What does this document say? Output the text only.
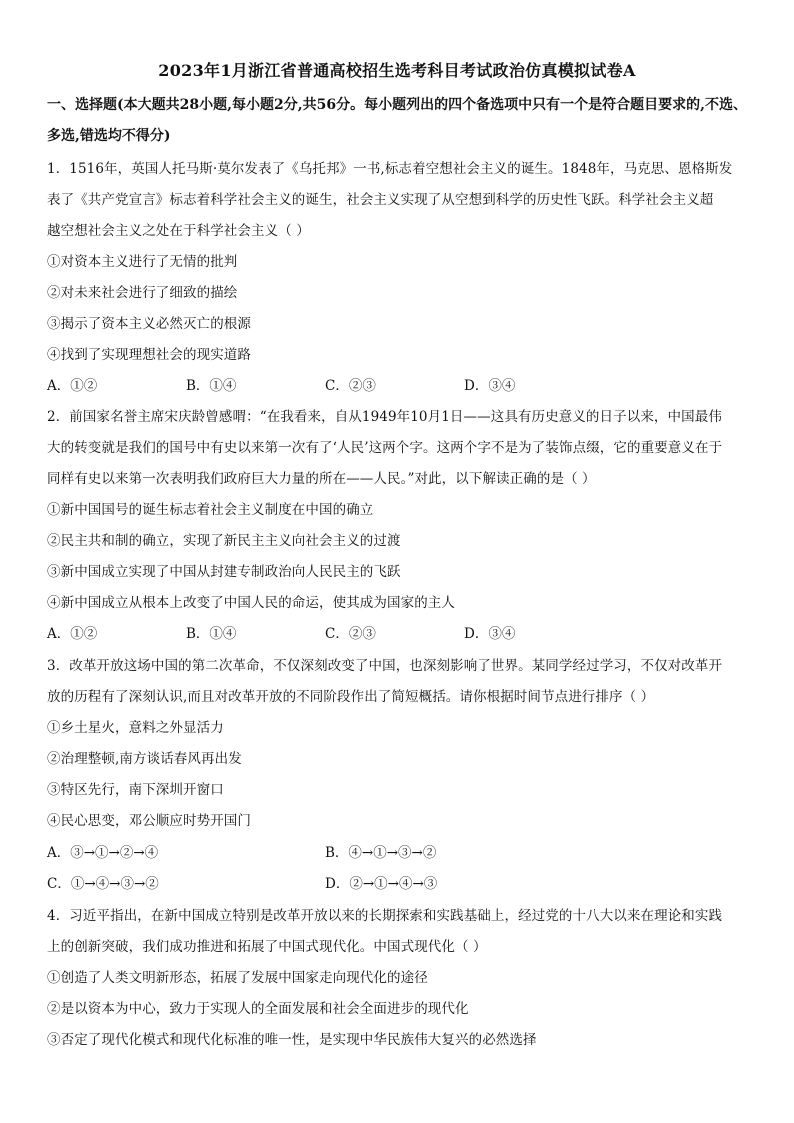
2023年1月浙江省普通高校招生选考科目考试政治仿真模拟试卷A
一、选择题(本大题共28小题,每小题2分,共56分。每小题列出的四个备选项中只有一个是符合题目要求的,不选、
多选,错选均不得分)
1．1516年，英国人托马斯·莫尔发表了《乌托邦》一书,标志着空想社会主义的诞生。1848年，马克思、恩格斯发
表了《共产党宣言》标志着科学社会主义的诞生，社会主义实现了从空想到科学的历史性飞跃。科学社会主义超
越空想社会主义之处在于科学社会主义（ ）
①对资本主义进行了无情的批判
②对未来社会进行了细致的描绘
③揭示了资本主义必然灭亡的根源
④找到了实现理想社会的现实道路
A．①②	B．①④	C．②③	D．③④
2．前国家名誉主席宋庆龄曾感喟：“在我看来，自从1949年10月1日——这具有历史意义的日子以来，中国最伟
大的转变就是我们的国号中有史以来第一次有了‘人民’这两个字。这两个字不是为了装饰点缀，它的重要意义在于
同样有史以来第一次表明我们政府巨大力量的所在——人民。”对此，以下解读正确的是（ ）
①新中国国号的诞生标志着社会主义制度在中国的确立
②民主共和制的确立，实现了新民主主义向社会主义的过渡
③新中国成立实现了中国从封建专制政治向人民民主的飞跃
④新中国成立从根本上改变了中国人民的命运，使其成为国家的主人
A．①②	B．①④	C．②③	D．③④
3．改革开放这场中国的第二次革命，不仅深刻改变了中国，也深刻影响了世界。某同学经过学习，不仅对改革开
放的历程有了深刻认识,而且对改革开放的不同阶段作出了简短概括。请你根据时间节点进行排序（ ）
①乡土星火，意料之外显活力
②治理整顿,南方谈话春风再出发
③特区先行，南下深圳开窗口
④民心思变，邓公顺应时势开国门
A．③→①→②→④	B．④→①→③→②
C．①→④→③→②	D．②→①→④→③
4．习近平指出，在新中国成立特别是改革开放以来的长期探索和实践基础上，经过党的十八大以来在理论和实践
上的创新突破，我们成功推进和拓展了中国式现代化。中国式现代化（ ）
①创造了人类文明新形态，拓展了发展中国家走向现代化的途径
②是以资本为中心，致力于实现人的全面发展和社会全面进步的现代化
③否定了现代化模式和现代化标准的唯一性，是实现中华民族伟大复兴的必然选择
